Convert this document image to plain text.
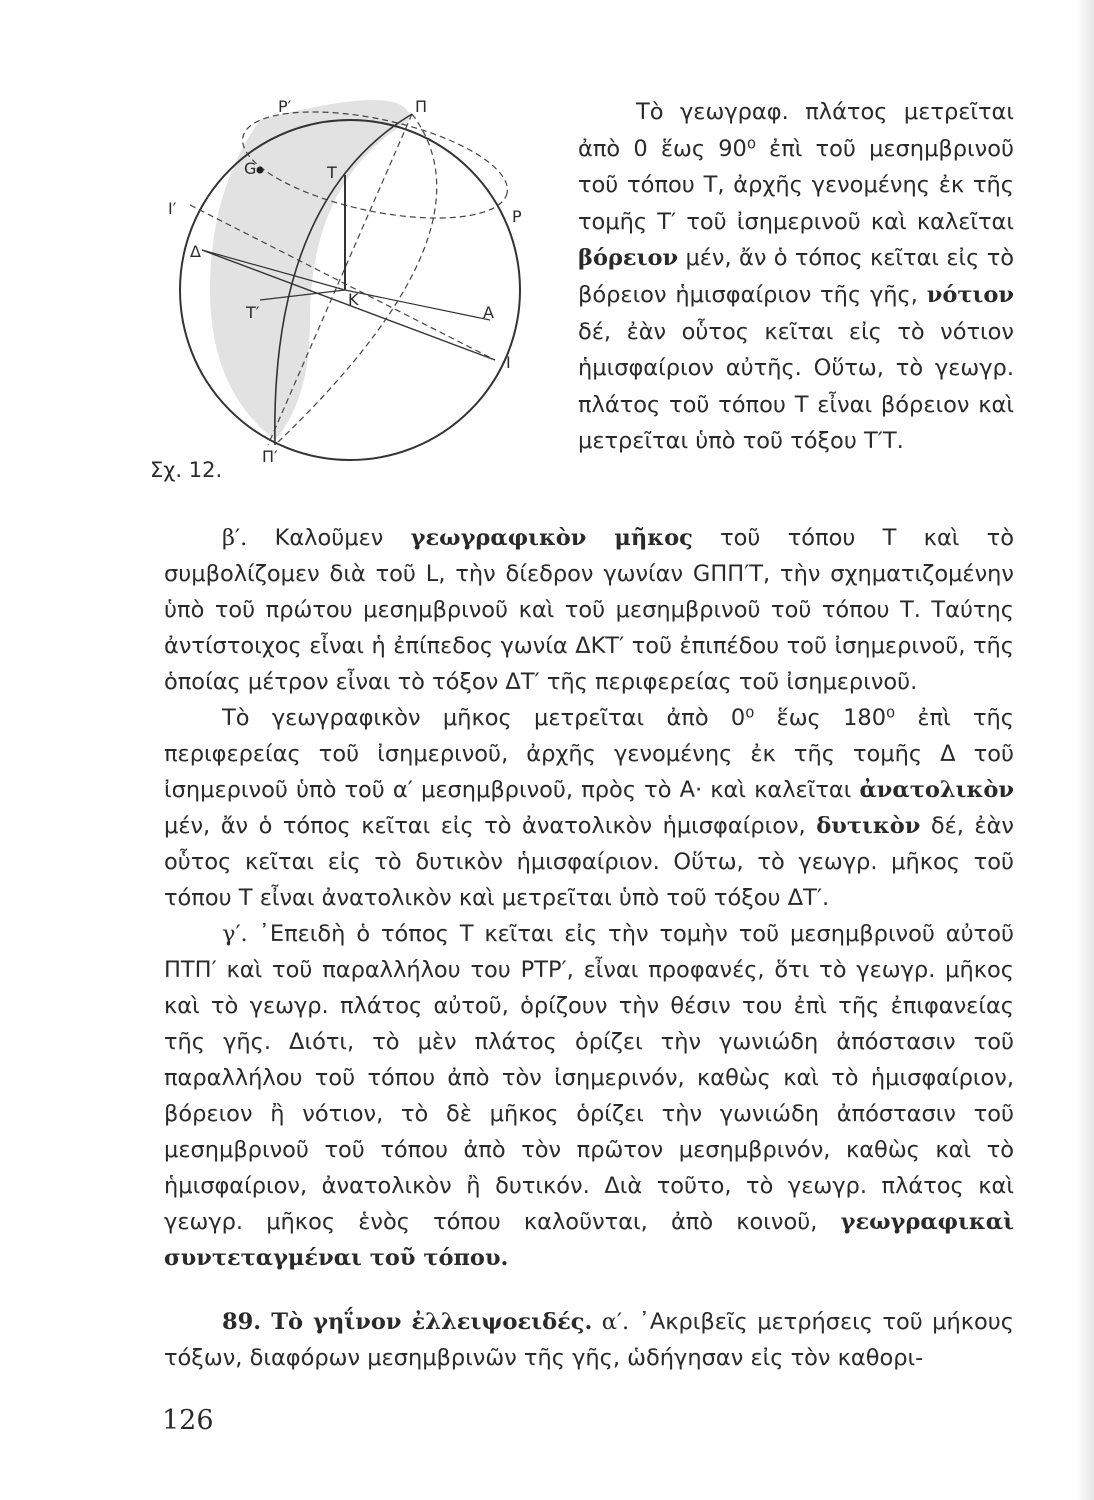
P′	Π
G	T
I′	P
Δ
K
T′	A
I
Π′
Σχ. 12.

Τὸ γεωγραφ. πλάτος μετρεῖται ἀπὸ 0 ἕως 90⁰ ἐπὶ τοῦ μεσημβρινοῦ τοῦ τόπου Τ, ἀρχῆς γενομένης ἐκ τῆς τομῆς Τ′ τοῦ ἰσημερινοῦ καὶ καλεῖται βόρειον μέν, ἄν ὁ τόπος κεῖται εἰς τὸ βόρειον ἡμισφαίριον τῆς γῆς, νότιον δέ, ἐὰν οὗτος κεῖται εἰς τὸ νότιον ἡμισφαίριον αὐτῆς. Οὕτω, τὸ γεωγρ. πλάτος τοῦ τόπου Τ εἶναι βόρειον καὶ μετρεῖται ὑπὸ τοῦ τόξου Τ′Τ.

β′. Καλοῦμεν γεωγραφικὸν μῆκος τοῦ τόπου Τ καὶ τὸ συμβολίζομεν διὰ τοῦ L, τὴν δίεδρον γωνίαν GΠΠ′Τ, τὴν σχηματιζομένην ὑπὸ τοῦ πρώτου μεσημβρινοῦ καὶ τοῦ μεσημβρινοῦ τοῦ τόπου Τ. Ταύτης ἀντίστοιχος εἶναι ἡ ἐπίπεδος γωνία ΔΚΤ′ τοῦ ἐπιπέδου τοῦ ἰσημερινοῦ, τῆς ὁποίας μέτρον εἶναι τὸ τόξον ΔΤ′ τῆς περιφερείας τοῦ ἰσημερινοῦ.

Τὸ γεωγραφικὸν μῆκος μετρεῖται ἀπὸ 0⁰ ἕως 180⁰ ἐπὶ τῆς περιφερείας τοῦ ἰσημερινοῦ, ἀρχῆς γενομένης ἐκ τῆς τομῆς Δ τοῦ ἰσημερινοῦ ὑπὸ τοῦ α′ μεσημβρινοῦ, πρὸς τὸ Α· καὶ καλεῖται ἀνατολικὸν μέν, ἄν ὁ τόπος κεῖται εἰς τὸ ἀνατολικὸν ἡμισφαίριον, δυτικὸν δέ, ἐὰν οὗτος κεῖται εἰς τὸ δυτικὸν ἡμισφαίριον. Οὕτω, τὸ γεωγρ. μῆκος τοῦ τόπου Τ εἶναι ἀνατολικὸν καὶ μετρεῖται ὑπὸ τοῦ τόξου ΔΤ′.

γ′. ᾿Επειδὴ ὁ τόπος Τ κεῖται εἰς τὴν τομὴν τοῦ μεσημβρινοῦ αὐτοῦ ΠΤΠ′ καὶ τοῦ παραλλήλου του ΡΤΡ′, εἶναι προφανές, ὅτι τὸ γεωγρ. μῆκος καὶ τὸ γεωγρ. πλάτος αὐτοῦ, ὁρίζουν τὴν θέσιν του ἐπὶ τῆς ἐπιφανείας τῆς γῆς. Διότι, τὸ μὲν πλάτος ὁρίζει τὴν γωνιώδη ἀπόστασιν τοῦ παραλλήλου τοῦ τόπου ἀπὸ τὸν ἰσημερινόν, καθὼς καὶ τὸ ἡμισφαίριον, βόρειον ἢ νότιον, τὸ δὲ μῆκος ὁρίζει τὴν γωνιώδη ἀπόστασιν τοῦ μεσημβρινοῦ τοῦ τόπου ἀπὸ τὸν πρῶτον μεσημβρινόν, καθὼς καὶ τὸ ἡμισφαίριον, ἀνατολικὸν ἢ δυτικόν. Διὰ τοῦτο, τὸ γεωγρ. πλάτος καὶ γεωγρ. μῆκος ἑνὸς τόπου καλοῦνται, ἀπὸ κοινοῦ, γεωγραφικαὶ συντεταγμέναι τοῦ τόπου.

89. Τὸ γηΐνον ἐλλειψοειδές. α′. ᾿Ακριβεῖς μετρήσεις τοῦ μήκους τόξων, διαφόρων μεσημβρινῶν τῆς γῆς, ὡδήγησαν εἰς τὸν καθορι-

126
